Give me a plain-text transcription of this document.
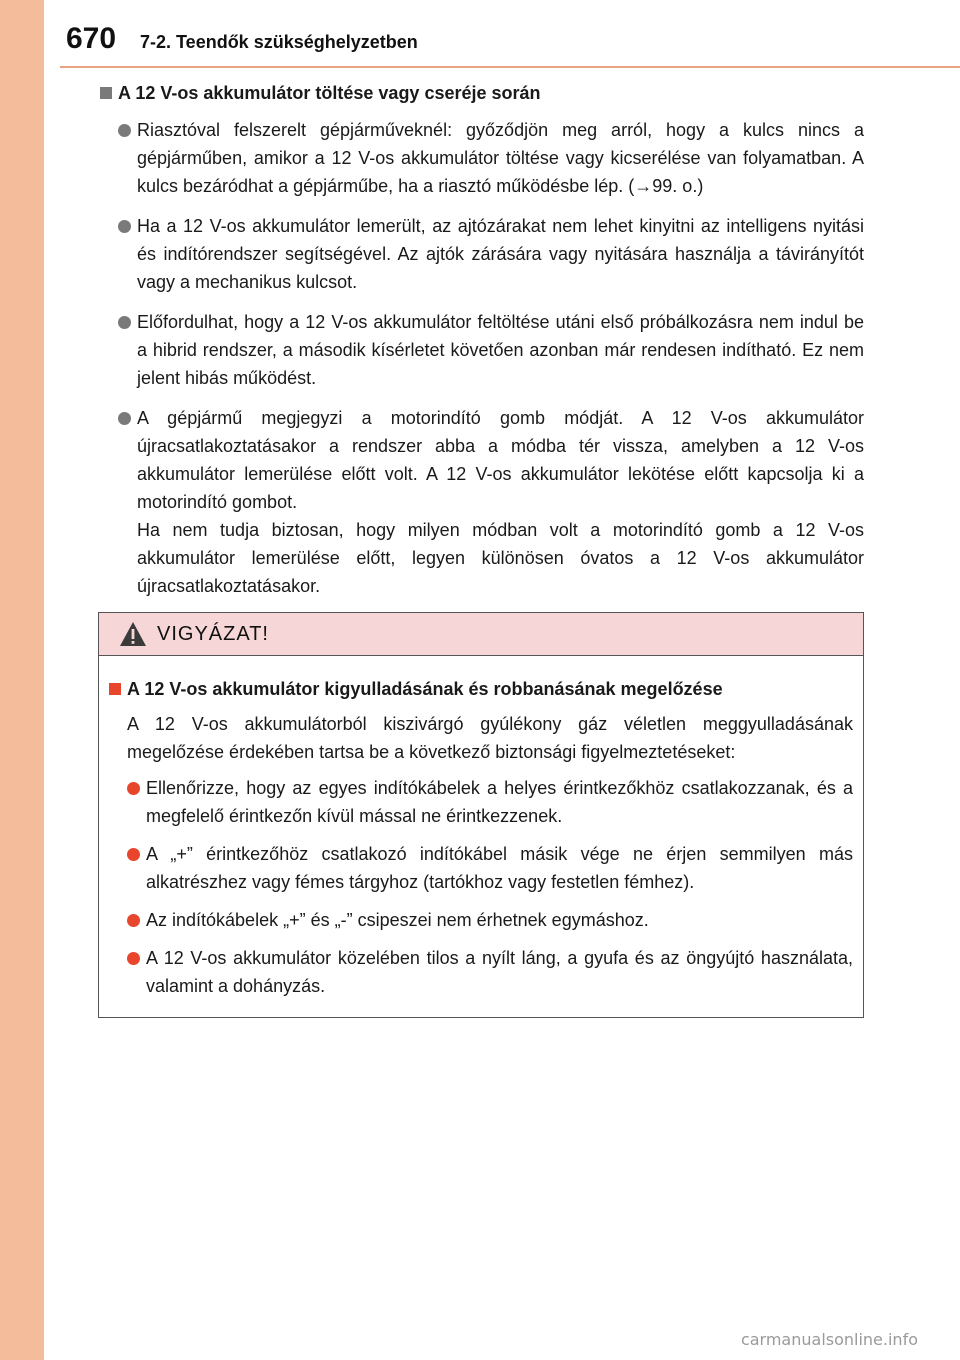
670 7-2. Teendők szükséghelyzetben
A 12 V-os akkumulátor töltése vagy cseréje során

Riasztóval felszerelt gépjárműveknél: győződjön meg arról, hogy a kulcs nincs a gépjárműben, amikor a 12 V-os akkumulátor töltése vagy kicserélése van folyamatban. A kulcs bezáródhat a gépjárműbe, ha a riasztó működésbe lép. (→99. o.)

Ha a 12 V-os akkumulátor lemerült, az ajtózárakat nem lehet kinyitni az intelligens nyitási és indítórendszer segítségével. Az ajtók zárására vagy nyitására használja a távirányítót vagy a mechanikus kulcsot.

Előfordulhat, hogy a 12 V-os akkumulátor feltöltése utáni első próbálkozásra nem indul be a hibrid rendszer, a második kísérletet követően azonban már rendesen indítható. Ez nem jelent hibás működést.

A gépjármű megjegyzi a motorindító gomb módját. A 12 V-os akkumulátor újracsatlakoztatásakor a rendszer abba a módba tér vissza, amelyben a 12 V-os akkumulátor lemerülése előtt volt. A 12 V-os akkumulátor lekötése előtt kapcsolja ki a motorindító gombot.

Ha nem tudja biztosan, hogy milyen módban volt a motorindító gomb a 12 V-os akkumulátor lemerülése előtt, legyen különösen óvatos a 12 V-os akkumulátor újracsatlakoztatásakor.

VIGYÁZAT!
A 12 V-os akkumulátor kigyulladásának és robbanásának megelőzése

A 12 V-os akkumulátorból kiszivárgó gyúlékony gáz véletlen meggyulladásának megelőzése érdekében tartsa be a következő biztonsági figyelmeztetéseket:

Ellenőrizze, hogy az egyes indítókábelek a helyes érintkezőkhöz csatlakozzanak, és a megfelelő érintkezőn kívül mással ne érintkezzenek.

A „+” érintkezőhöz csatlakozó indítókábel másik vége ne érjen semmilyen más alkatrészhez vagy fémes tárgyhoz (tartókhoz vagy festetlen fémhez).

Az indítókábelek „+” és „-” csipeszei nem érhetnek egymáshoz.

A 12 V-os akkumulátor közelében tilos a nyílt láng, a gyufa és az öngyújtó használata, valamint a dohányzás.

carmanualsonline.info
